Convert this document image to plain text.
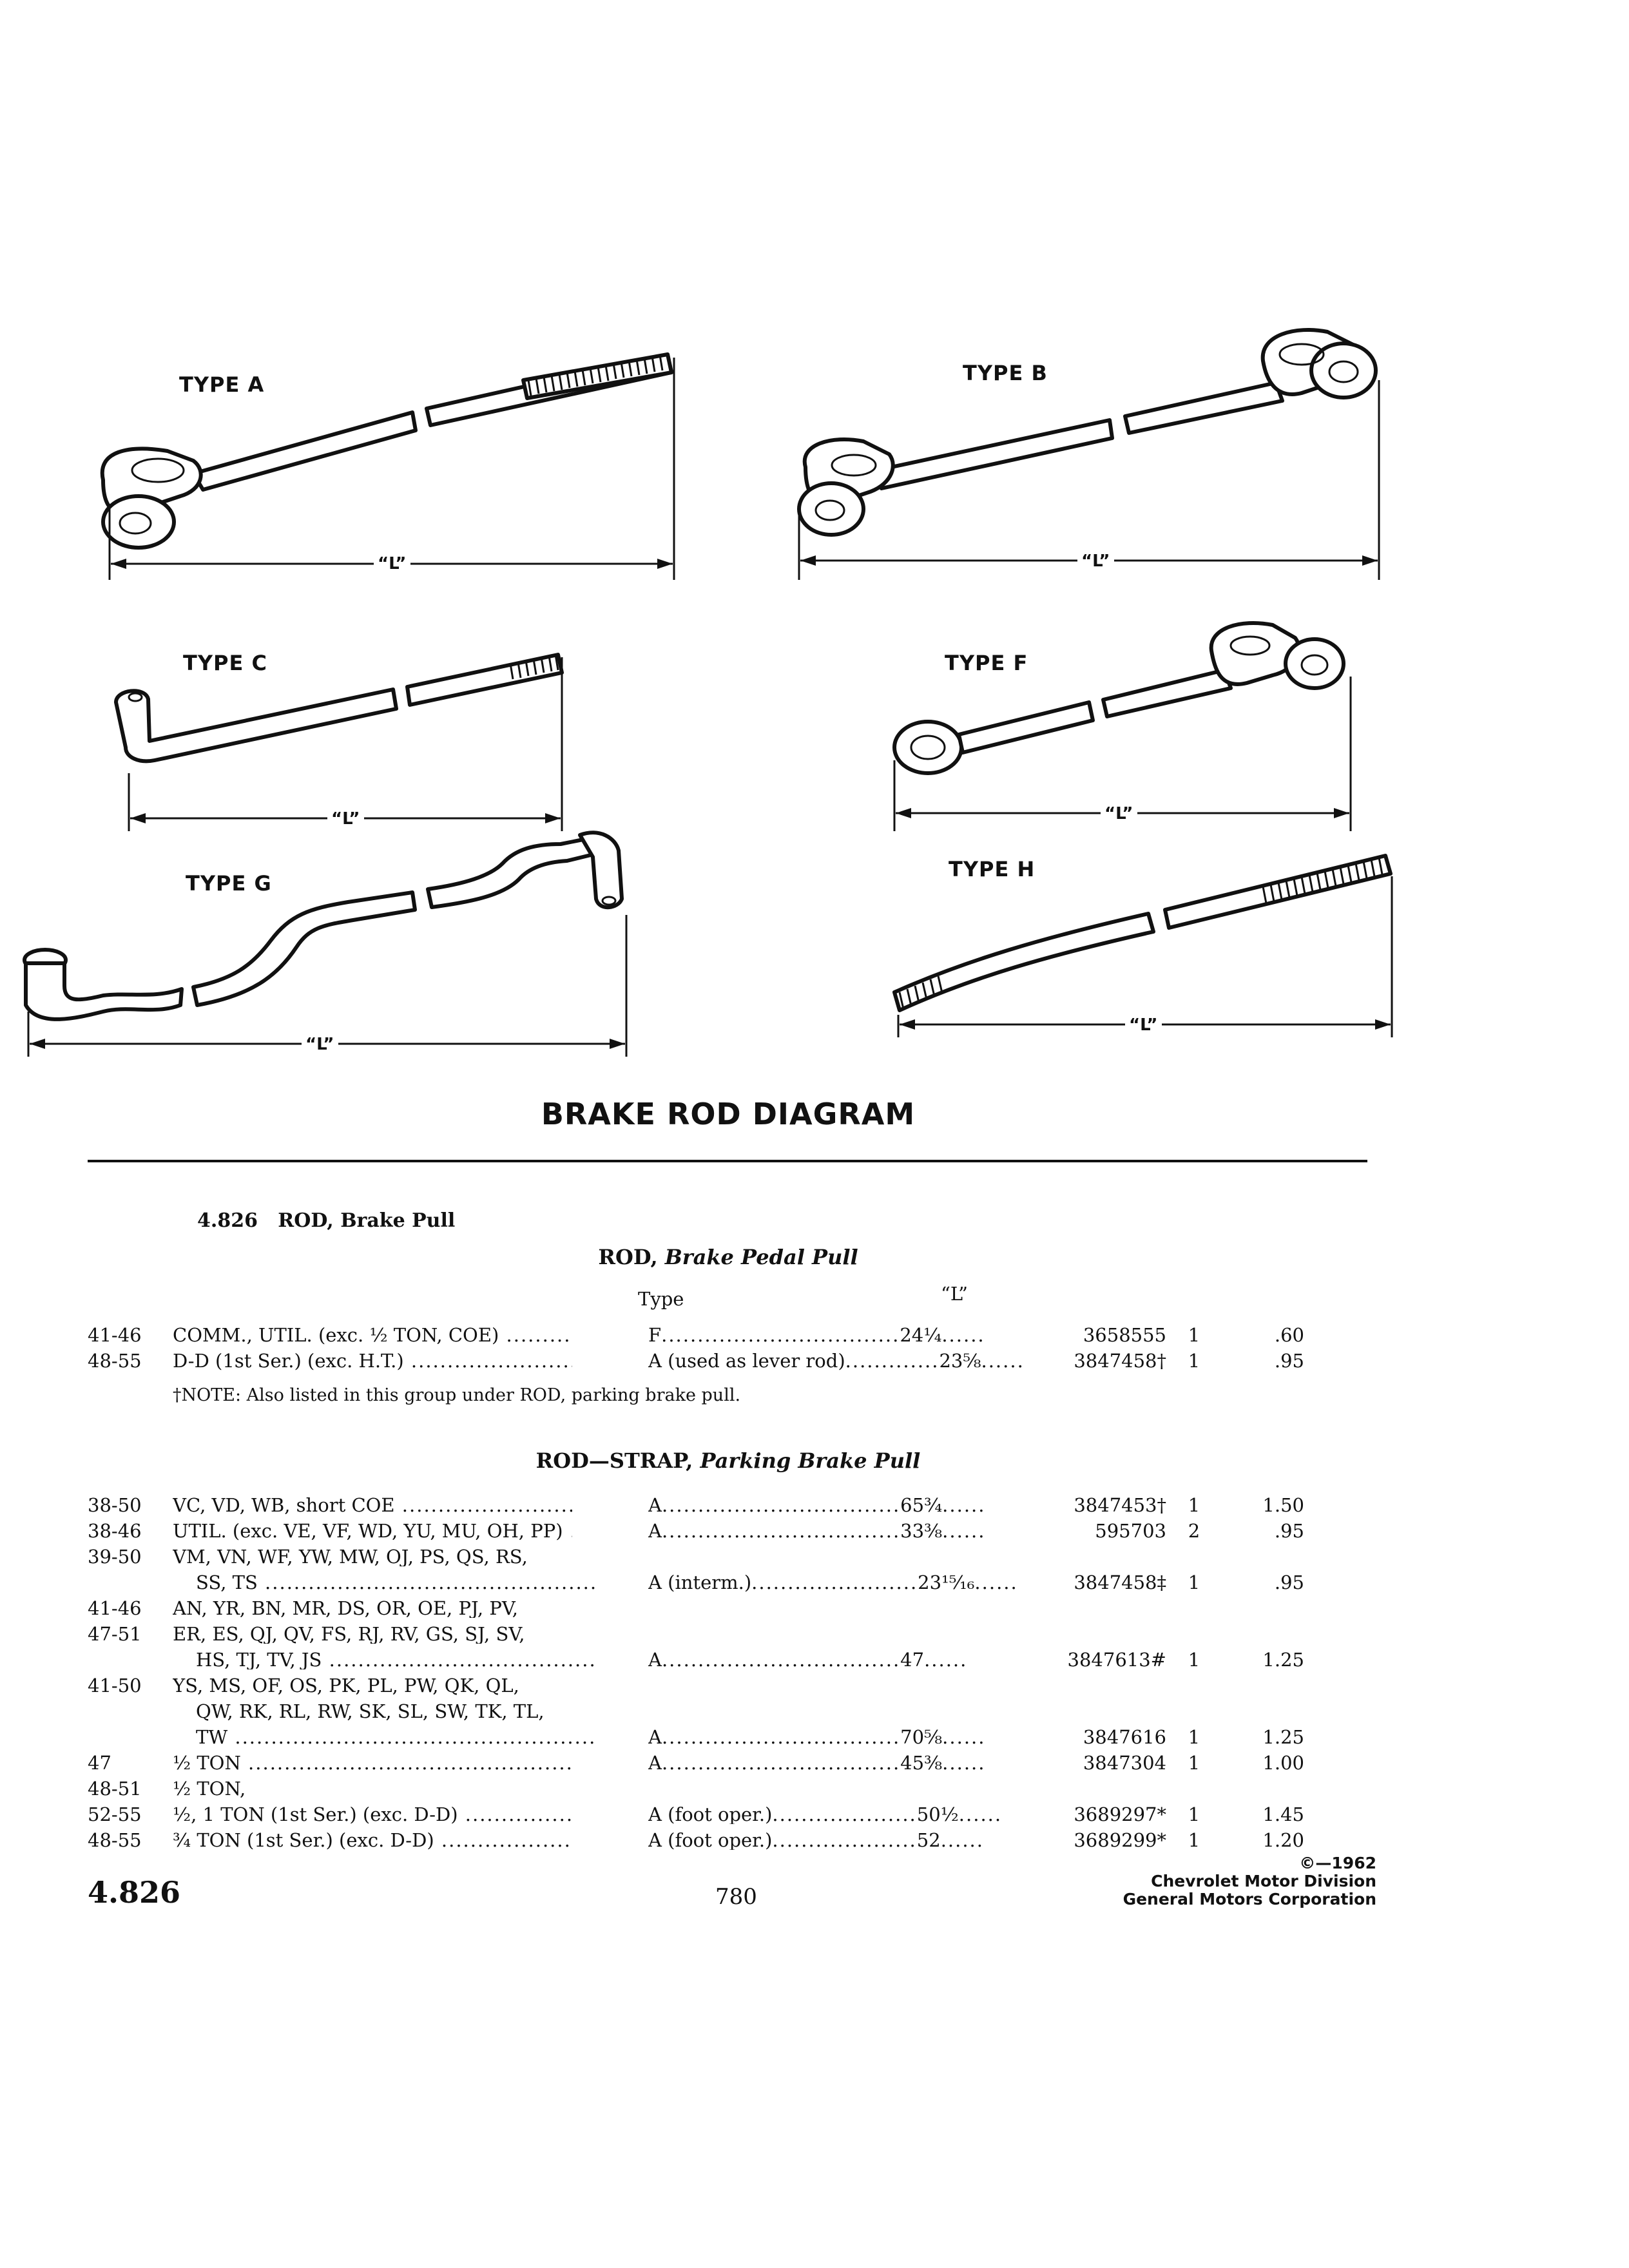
TYPE A	TYPE B
TYPE C	TYPE F
TYPE G
TYPE H
“L”	“L”
“L”	“L”
“L”
“L”
BRAKE ROD DIAGRAM
4.826 ROD, Brake Pull
ROD, Brake Pedal Pull
Type	“L”
41-46	COMM., UTIL. (exc. ½ TON, COE) .....	F.................................24¼......	3658555 1	.60
48-55	D-D (1st Ser.) (exc. H.T.) .....	A (used as lever rod).............23⅝......	3847458† 1	.95
†NOTE: Also listed in this group under ROD, parking brake pull.
ROD—STRAP, Parking Brake Pull
38-50	VC, VD, WB, short COE .....	A.................................65¾......	3847453† 1	1.50
38-46	UTIL. (exc. VE, VF, WD, YU, MU, OH, PP) .....	A.................................33⅜......	595703 2	.95
39-50	VM, VN, WF, YW, MW, OJ, PS, QS, RS,
SS, TS .....	A (interm.).......................23¹⁵⁄₁₆......	3847458‡ 1	.95
41-46	AN, YR, BN, MR, DS, OR, OE, PJ, PV,
47-51	ER, ES, QJ, QV, FS, RJ, RV, GS, SJ, SV,
HS, TJ, TV, JS .....	A.................................47......	3847613# 1	1.25
41-50	YS, MS, OF, OS, PK, PL, PW, QK, QL,
QW, RK, RL, RW, SK, SL, SW, TK, TL,
TW .....	A.................................70⅝......	3847616 1	1.25
47	½ TON .....	A.................................45⅜......	3847304 1	1.00
48-51	½ TON,
52-55	½, 1 TON (1st Ser.) (exc. D-D) .....	A (foot oper.)....................50½......	3689297* 1	1.45
48-55	¾ TON (1st Ser.) (exc. D-D) .....	A (foot oper.)....................52......	3689299* 1	1.20
4.826	780
©—1962
Chevrolet Motor Division
General Motors Corporation
